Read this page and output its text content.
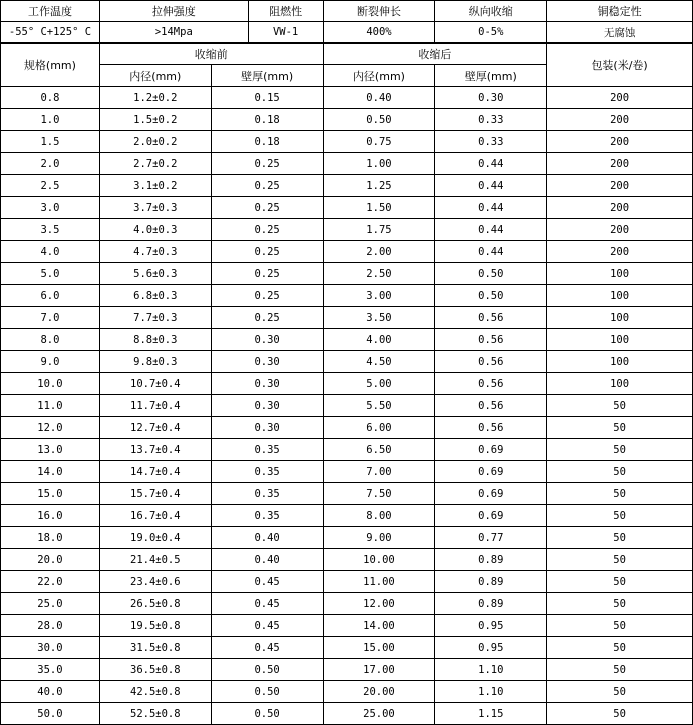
工作温度	拉伸强度	阻燃性	断裂伸长	纵向收缩	铜稳定性
-55° C+125° C	>14Mpa	VW-1	400%	0-5%	无腐蚀
规格(mm)	收缩前		收缩后		包装(米/卷)
	内径(mm)	壁厚(mm)	内径(mm)	壁厚(mm)	
0.8	1.2±0.2	0.15	0.40	0.30	200
1.0	1.5±0.2	0.18	0.50	0.33	200
1.5	2.0±0.2	0.18	0.75	0.33	200
2.0	2.7±0.2	0.25	1.00	0.44	200
2.5	3.1±0.2	0.25	1.25	0.44	200
3.0	3.7±0.3	0.25	1.50	0.44	200
3.5	4.0±0.3	0.25	1.75	0.44	200
4.0	4.7±0.3	0.25	2.00	0.44	200
5.0	5.6±0.3	0.25	2.50	0.50	100
6.0	6.8±0.3	0.25	3.00	0.50	100
7.0	7.7±0.3	0.25	3.50	0.56	100
8.0	8.8±0.3	0.30	4.00	0.56	100
9.0	9.8±0.3	0.30	4.50	0.56	100
10.0	10.7±0.4	0.30	5.00	0.56	100
11.0	11.7±0.4	0.30	5.50	0.56	50
12.0	12.7±0.4	0.30	6.00	0.56	50
13.0	13.7±0.4	0.35	6.50	0.69	50
14.0	14.7±0.4	0.35	7.00	0.69	50
15.0	15.7±0.4	0.35	7.50	0.69	50
16.0	16.7±0.4	0.35	8.00	0.69	50
18.0	19.0±0.4	0.40	9.00	0.77	50
20.0	21.4±0.5	0.40	10.00	0.89	50
22.0	23.4±0.6	0.45	11.00	0.89	50
25.0	26.5±0.8	0.45	12.00	0.89	50
28.0	19.5±0.8	0.45	14.00	0.95	50
30.0	31.5±0.8	0.45	15.00	0.95	50
35.0	36.5±0.8	0.50	17.00	1.10	50
40.0	42.5±0.8	0.50	20.00	1.10	50
50.0	52.5±0.8	0.50	25.00	1.15	50
